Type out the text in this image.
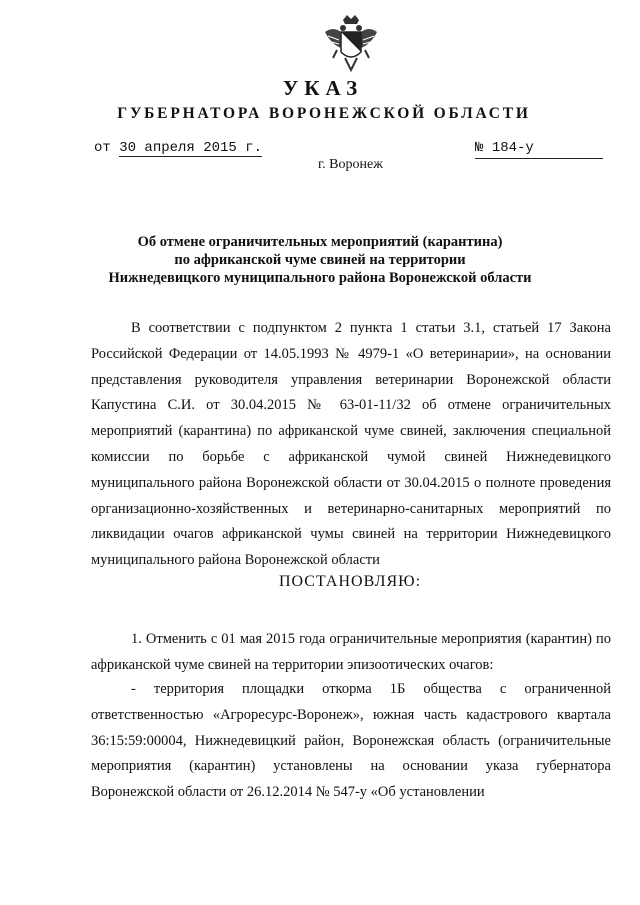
УКАЗ
ГУБЕРНАТОРА ВОРОНЕЖСКОЙ ОБЛАСТИ
от 30 апреля 2015 г.	№ 184-у
г. Воронеж
Об отмене ограничительных мероприятий (карантина)
по африканской чуме свиней на территории
Нижнедевицкого муниципального района Воронежской области

В соответствии с подпунктом 2 пункта 1 статьи 3.1, статьей 17 Закона Российской Федерации от 14.05.1993 № 4979-1 «О ветеринарии», на основании представления руководителя управления ветеринарии Воронежской области Капустина С.И. от 30.04.2015 № 63-01-11/32 об отмене ограничительных мероприятий (карантина) по африканской чуме свиней, заключения специальной комиссии по борьбе с африканской чумой свиней Нижнедевицкого муниципального района Воронежской области от 30.04.2015 о полноте проведения организационно-хозяйственных и ветеринарно-санитарных мероприятий по ликвидации очагов африканской чумы свиней на территории Нижнедевицкого муниципального района Воронежской области

ПОСТАНОВЛЯЮ:

1. Отменить с 01 мая 2015 года ограничительные мероприятия (карантин) по африканской чуме свиней на территории эпизоотических очагов:

- территория площадки откорма 1Б общества с ограниченной ответственностью «Агроресурс-Воронеж», южная часть кадастрового квартала 36:15:59:00004, Нижнедевицкий район, Воронежская область (ограничительные мероприятия (карантин) установлены на основании указа губернатора Воронежской области от 26.12.2014 № 547-у «Об установлении
